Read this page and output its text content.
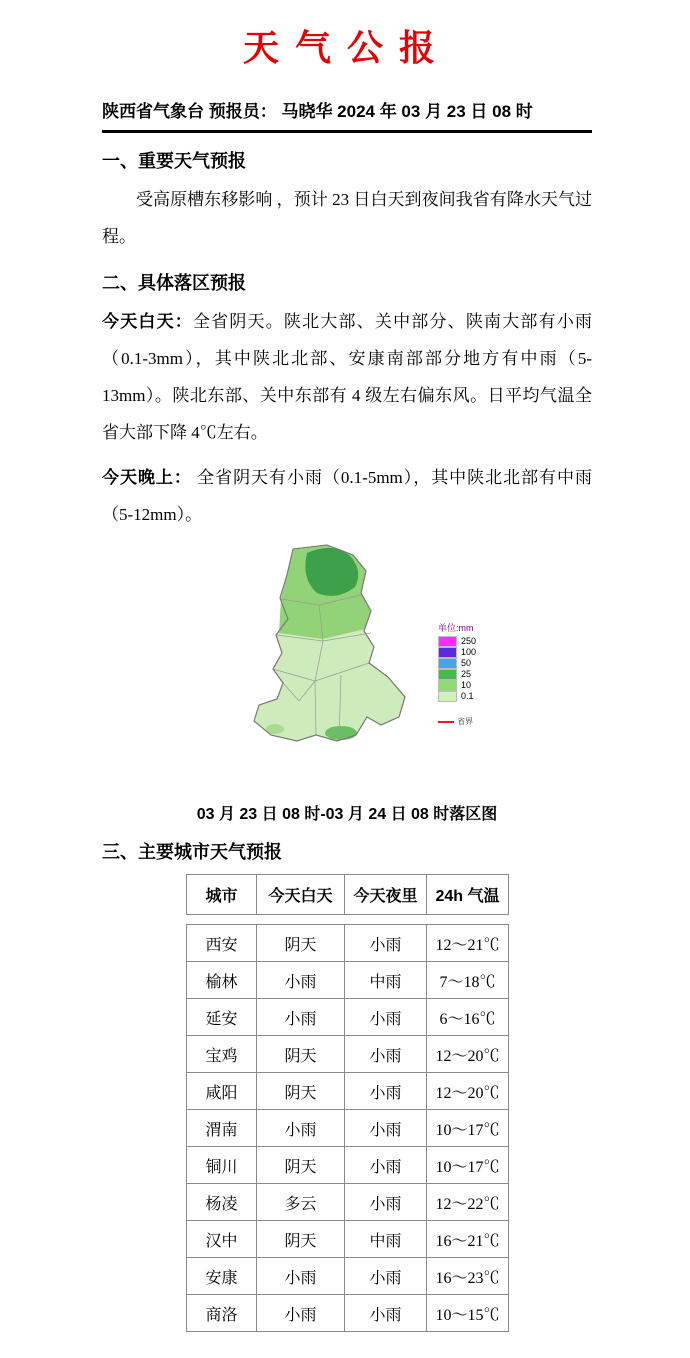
天气公报
陕西省气象台 预报员： 马晓华 2024 年 03 月 23 日 08 时
一、重要天气预报

受高原槽东移影响 ，预计 23 日白天到夜间我省有降水天气过程。

二、具体落区预报

今天白天：全省阴天。陕北大部、关中部分、陕南大部有小雨（0.1-3mm），其中陕北北部、安康南部部分地方有中雨（5-13mm）。陕北东部、关中东部有 4 级左右偏东风。日平均气温全省大部下降 4℃左右。

今天晚上： 全省阴天有小雨（0.1-5mm），其中陕北北部有中雨（5-12mm）。

单位:mm
250
100
50
25
10
0.1
省界
03 月 23 日 08 时-03 月 24 日 08 时落区图
三、主要城市天气预报
城市	今天白天	今天夜里	24h 气温
西安	阴天	小雨	12～21℃
榆林	小雨	中雨	7～18℃
延安	小雨	小雨	6～16℃
宝鸡	阴天	小雨	12～20℃
咸阳	阴天	小雨	12～20℃
渭南	小雨	小雨	10～17℃
铜川	阴天	小雨	10～17℃
杨凌	多云	小雨	12～22℃
汉中	阴天	中雨	16～21℃
安康	小雨	小雨	16～23℃
商洛	小雨	小雨	10～15℃
